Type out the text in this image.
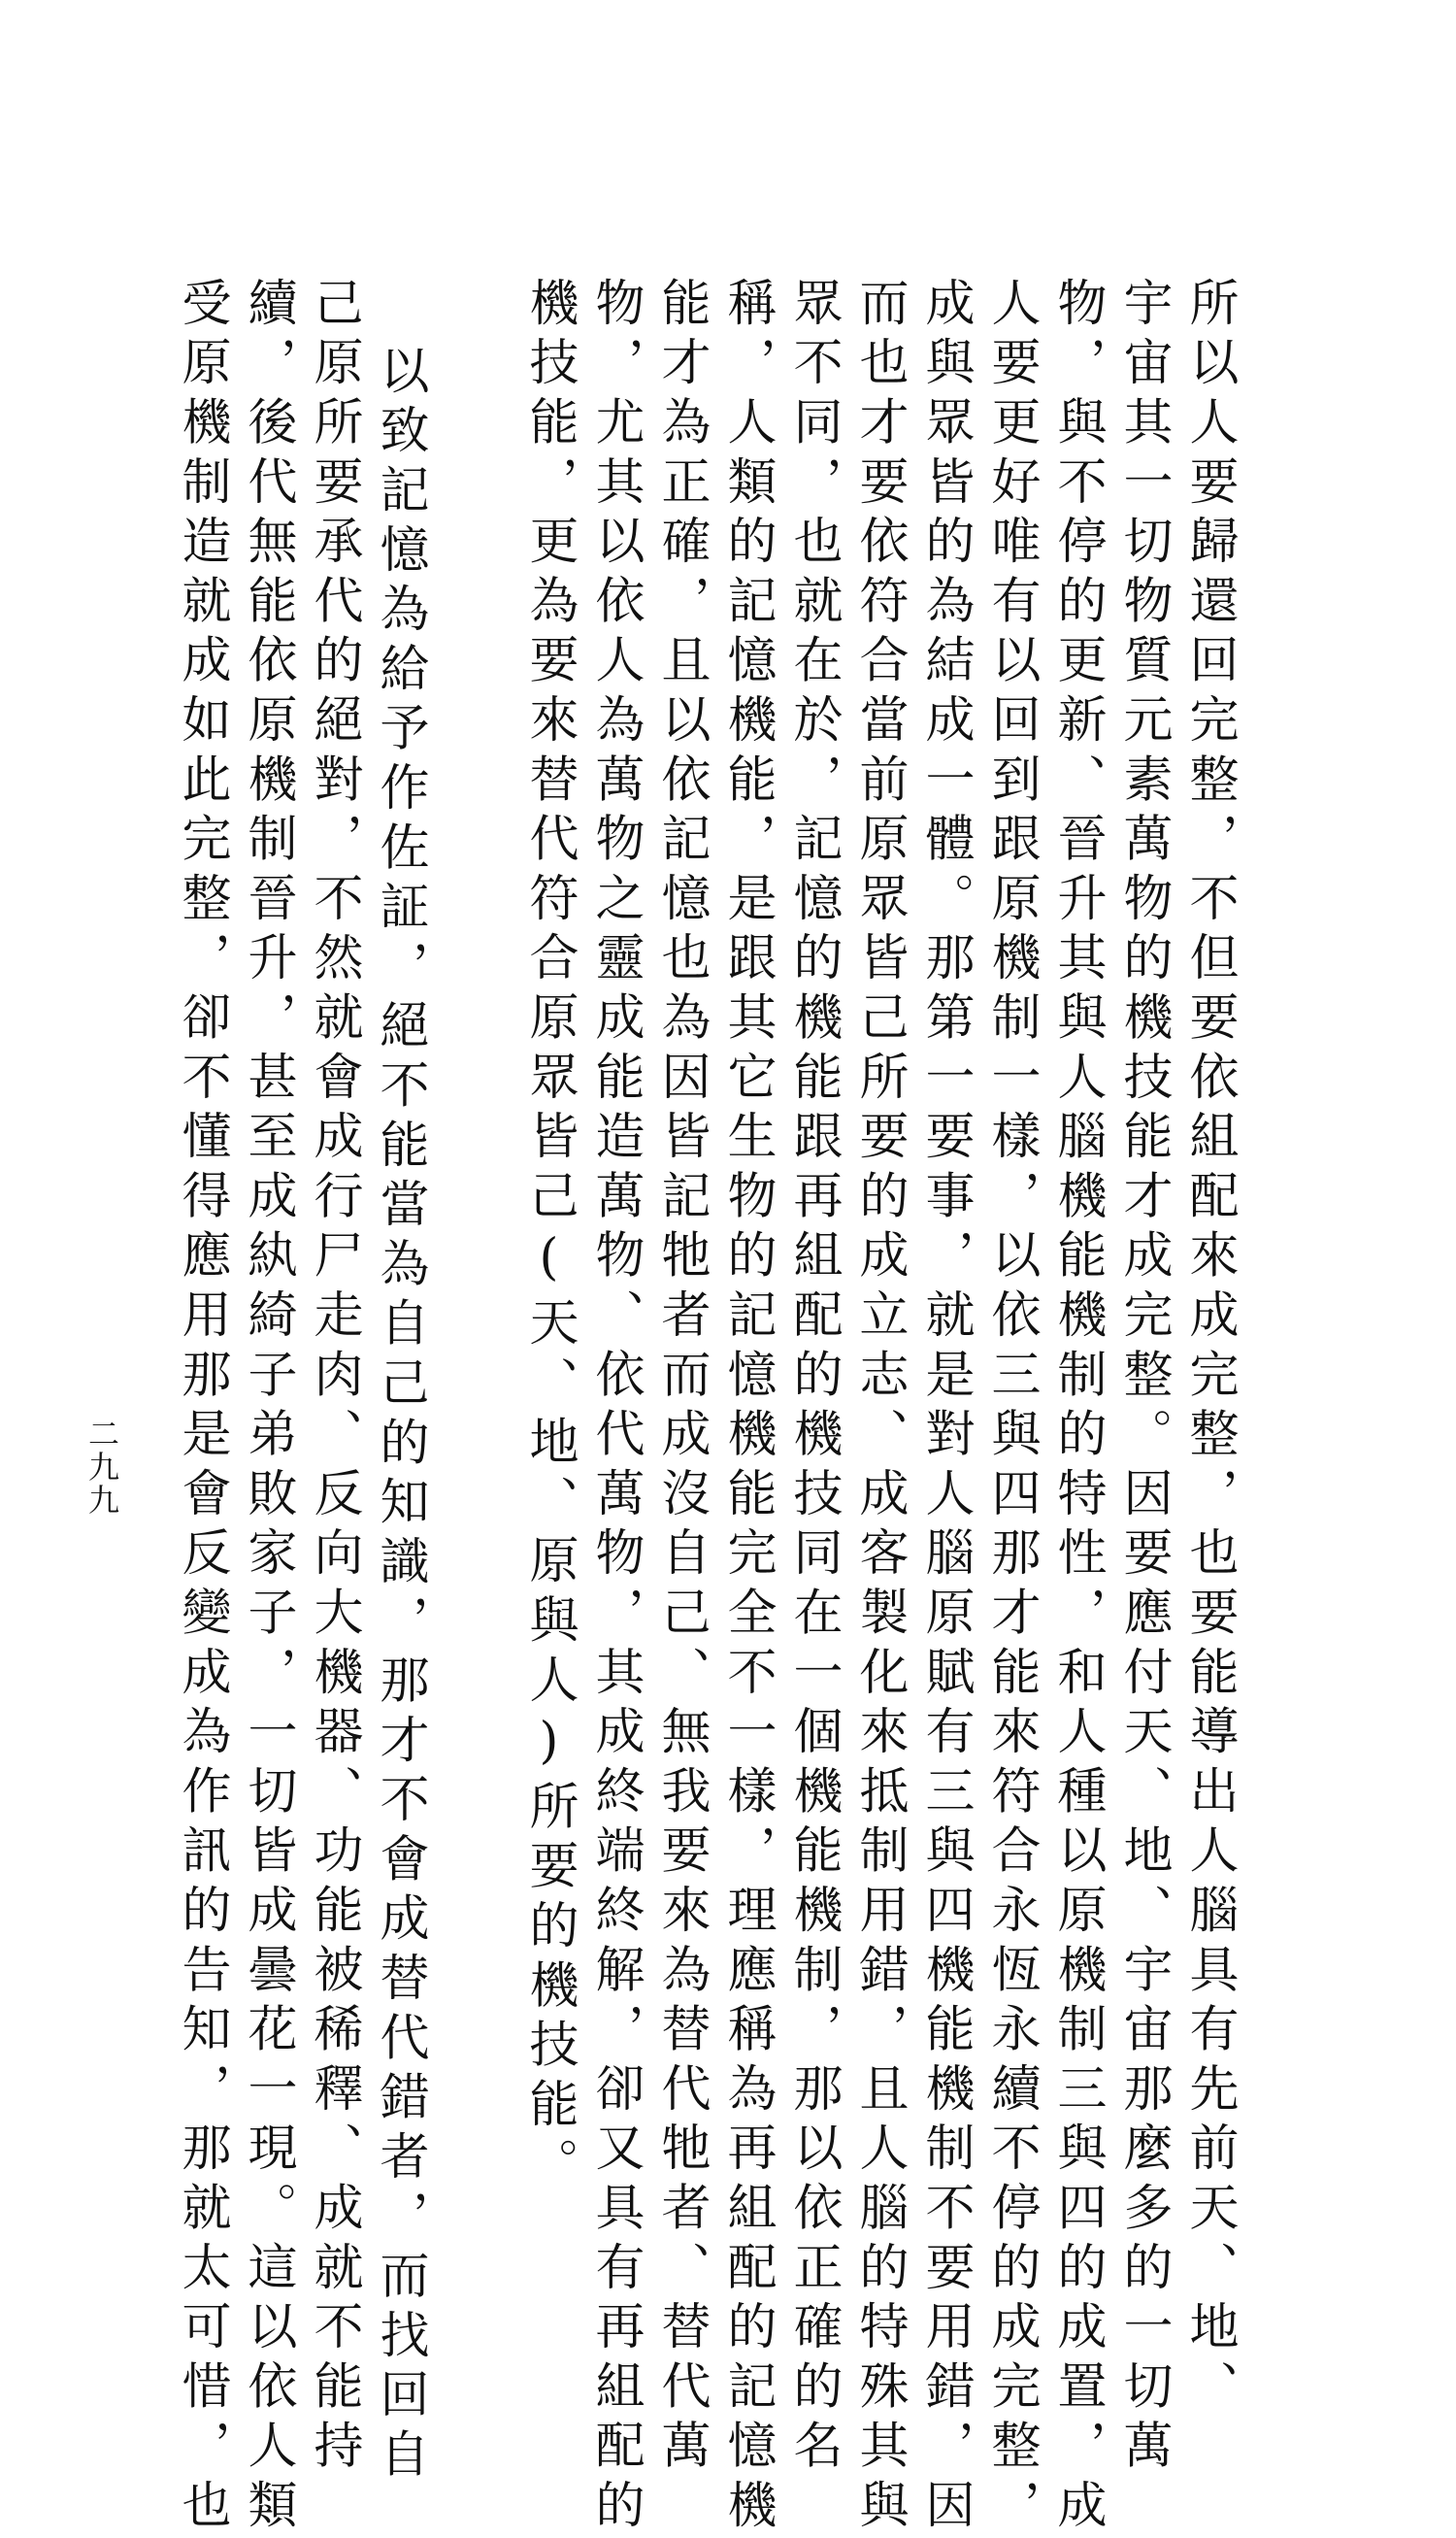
所以人要歸還回完整，不但要依組配來成完整，也要能導出人腦具有先前天、地、
宇宙其一切物質元素萬物的機技能才成完整。因要應付天、地、宇宙那麼多的一切萬
物，與不停的更新、晉升其與人腦機能機制的特性，和人種以原機制三與四的成置，成
人要更好唯有以回到跟原機制一樣，以依三與四那才能來符合永恆永續不停的成完整，
成與眾皆的為結成一體。那第一要事，就是對人腦原賦有三與四機能機制不要用錯，因
而也才要依符合當前原眾皆己所要的成立志、成客製化來抵制用錯，且人腦的特殊其與
眾不同，也就在於，記憶的機能跟再組配的機技同在一個機能機制，那以依正確的名
稱，人類的記憶機能，是跟其它生物的記憶機能完全不一樣，理應稱為再組配的記憶機
能才為正確，且以依記憶也為因皆記牠者而成沒自己、無我要來為替代牠者、替代萬
物，尤其以依人為萬物之靈成能造萬物、依代萬物，其成終端終解，卻又具有再組配的
機技能，更為要來替代符合原眾皆己(天、地、原與人)所要的機技能。
以致記憶為給予作佐証，絕不能當為自己的知識，那才不會成替代錯者，而找回自
己原所要承代的絕對，不然就會成行尸走肉、反向大機器、功能被稀釋、成就不能持
續，後代無能依原機制晉升，甚至成紈綺子弟敗家子，一切皆成曇花一現。這以依人類
受原機制造就成如此完整，卻不懂得應用那是會反變成為作訊的告知，那就太可惜，也
二九九
